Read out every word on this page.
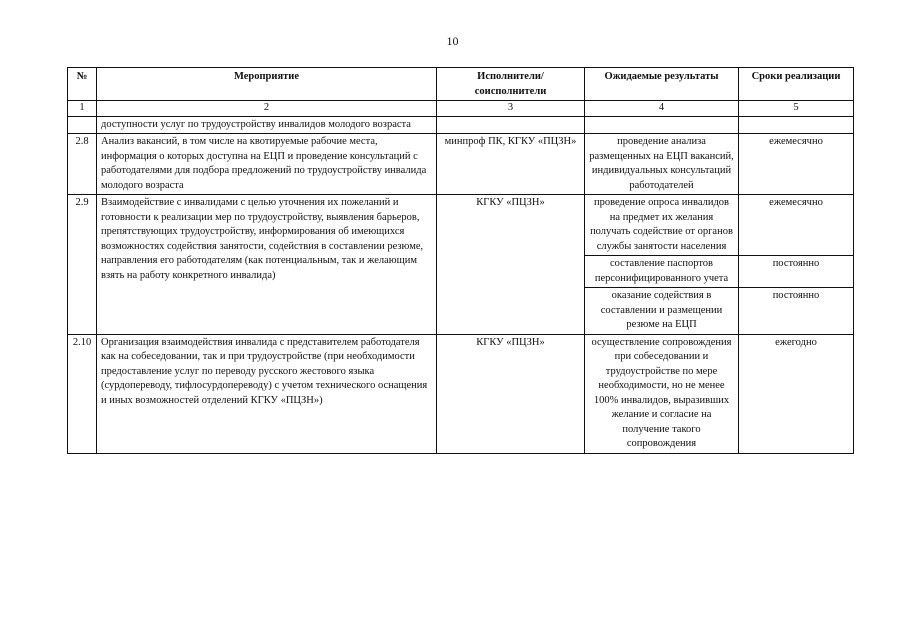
10
№	Мероприятие	Исполнители/ соисполнители	Ожидаемые результаты	Сроки реализации
1	2	3	4	5
	доступности услуг по трудоустройству инвалидов молодого возраста			
2.8	Анализ вакансий, в том числе на квотируемые рабочие места, информация о которых доступна на ЕЦП и проведение консультаций с работодателями для подбора предложений по трудоустройству инвалида молодого возраста	минпроф ПК, КГКУ «ПЦЗН»	проведение анализа размещенных на ЕЦП вакансий, индивидуальных консультаций работодателей	ежемесячно
2.9	Взаимодействие с инвалидами с целью уточнения их пожеланий и готовности к реализации мер по трудоустройству, выявления барьеров, препятствующих трудоустройству, информирования об имеющихся возможностях содействия занятости, содействия в составлении резюме, направления его работодателям (как потенциальным, так и желающим взять на работу конкретного инвалида)	КГКУ «ПЦЗН»	проведение опроса инвалидов на предмет их желания получать содействие от органов службы занятости населения	ежемесячно
			составление паспортов персонифицированного учета	постоянно
			оказание содействия в составлении и размещении резюме на ЕЦП	постоянно
2.10	Организация взаимодействия инвалида с представителем работодателя как на собеседовании, так и при трудоустройстве (при необходимости предоставление услуг по переводу русского жестового языка (сурдопереводу, тифлосурдопереводу) с учетом технического оснащения и иных возможностей отделений КГКУ «ПЦЗН»)	КГКУ «ПЦЗН»	осуществление сопровождения при собеседовании и трудоустройстве по мере необходимости, но не менее 100% инвалидов, выразивших желание и согласие на получение такого сопровождения	ежегодно
